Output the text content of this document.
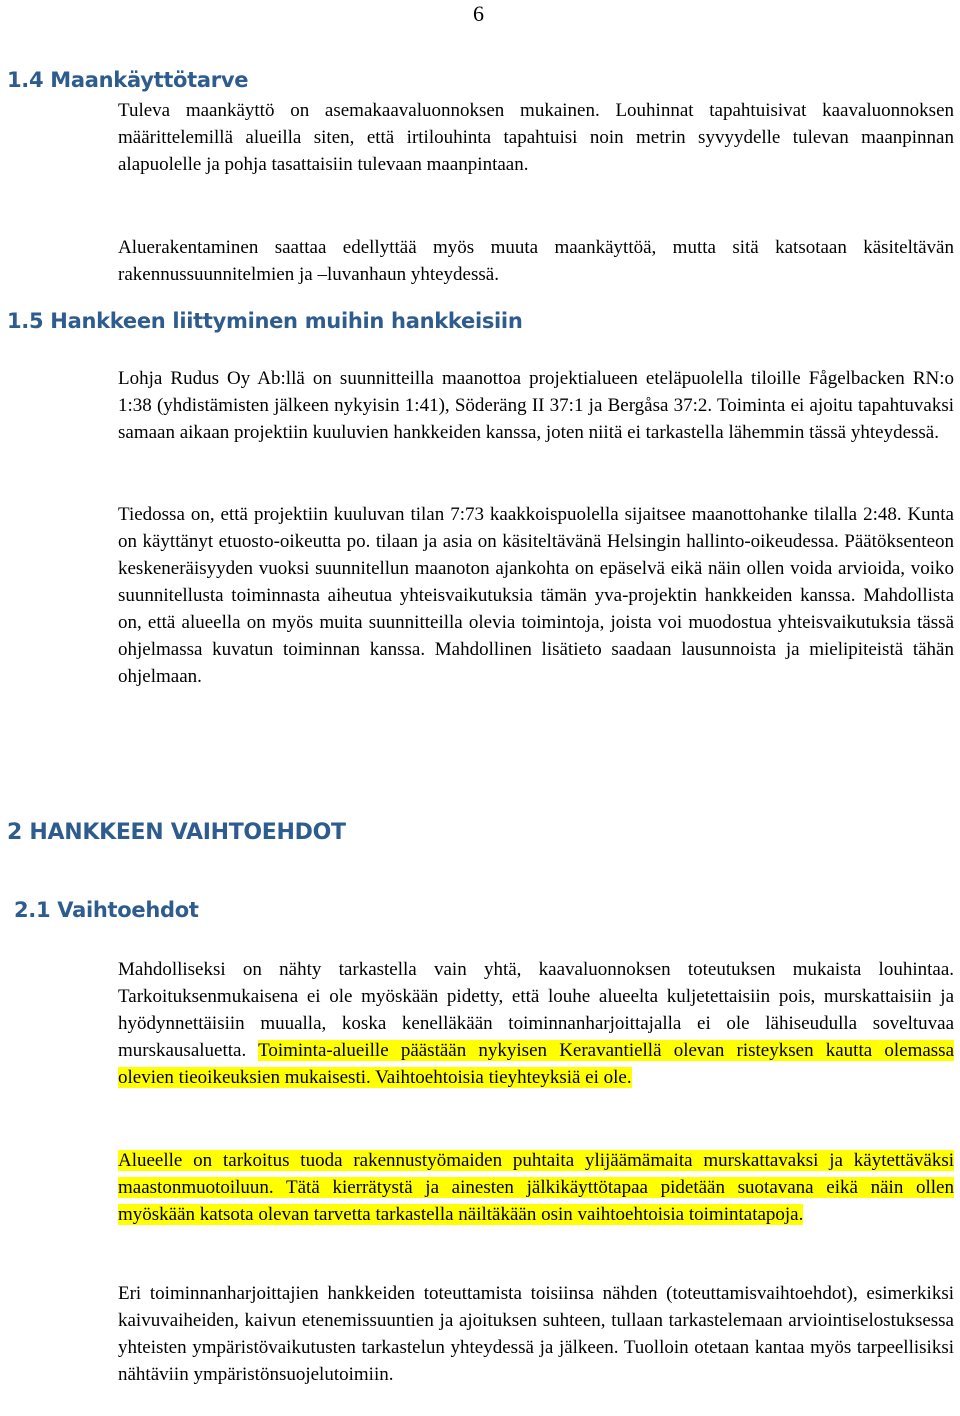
6
1.4 Maankäyttötarve

Tuleva maankäyttö on asemakaavaluonnoksen mukainen. Louhinnat tapahtuisivat kaavaluonnoksen määrittelemillä alueilla siten, että irtilouhinta tapahtuisi noin metrin syvyydelle tulevan maanpinnan alapuolelle ja pohja tasattaisiin tulevaan maanpintaan.

Aluerakentaminen saattaa edellyttää myös muuta maankäyttöä, mutta sitä katsotaan käsiteltävän rakennussuunnitelmien ja –luvanhaun yhteydessä.

1.5 Hankkeen liittyminen muihin hankkeisiin

Lohja Rudus Oy Ab:llä on suunnitteilla maanottoa projektialueen eteläpuolella tiloille Fågelbacken RN:o 1:38 (yhdistämisten jälkeen nykyisin 1:41), Söderäng II 37:1 ja Bergåsa 37:2. Toiminta ei ajoitu tapahtuvaksi samaan aikaan projektiin kuuluvien hankkeiden kanssa, joten niitä ei tarkastella lähemmin tässä yhteydessä.

Tiedossa on, että projektiin kuuluvan tilan 7:73 kaakkoispuolella sijaitsee maanottohanke tilalla 2:48. Kunta on käyttänyt etuosto-oikeutta po. tilaan ja asia on käsiteltävänä Helsingin hallinto-oikeudessa. Päätöksenteon keskeneräisyyden vuoksi suunnitellun maanoton ajankohta on epäselvä eikä näin ollen voida arvioida, voiko suunnitellusta toiminnasta aiheutua yhteisvaikutuksia tämän yva-projektin hankkeiden kanssa. Mahdollista on, että alueella on myös muita suunnitteilla olevia toimintoja, joista voi muodostua yhteisvaikutuksia tässä ohjelmassa kuvatun toiminnan kanssa. Mahdollinen lisätieto saadaan lausunnoista ja mielipiteistä tähän ohjelmaan.

2 HANKKEEN VAIHTOEHDOT
2.1 Vaihtoehdot

Mahdolliseksi on nähty tarkastella vain yhtä, kaavaluonnoksen toteutuksen mukaista louhintaa. Tarkoituksenmukaisena ei ole myöskään pidetty, että louhe alueelta kuljetettaisiin pois, murskattaisiin ja hyödynnettäisiin muualla, koska kenelläkään toiminnanharjoittajalla ei ole lähiseudulla soveltuvaa murskausaluetta. Toiminta-alueille päästään nykyisen Keravantiellä olevan risteyksen kautta olemassa olevien tieoikeuksien mukaisesti. Vaihtoehtoisia tieyhteyksiä ei ole.

Alueelle on tarkoitus tuoda rakennustyömaiden puhtaita ylijäämämaita murskattavaksi ja käytettäväksi maastonmuotoiluun. Tätä kierrätystä ja ainesten jälkikäyttötapaa pidetään suotavana eikä näin ollen myöskään katsota olevan tarvetta tarkastella näiltäkään osin vaihtoehtoisia toimintatapoja.

Eri toiminnanharjoittajien hankkeiden toteuttamista toisiinsa nähden (toteuttamisvaihtoehdot), esimerkiksi kaivuvaiheiden, kaivun etenemissuuntien ja ajoituksen suhteen, tullaan tarkastelemaan arviointiselostuksessa yhteisten ympäristövaikutusten tarkastelun yhteydessä ja jälkeen. Tuolloin otetaan kantaa myös tarpeellisiksi nähtäviin ympäristönsuojelutoimiin.
